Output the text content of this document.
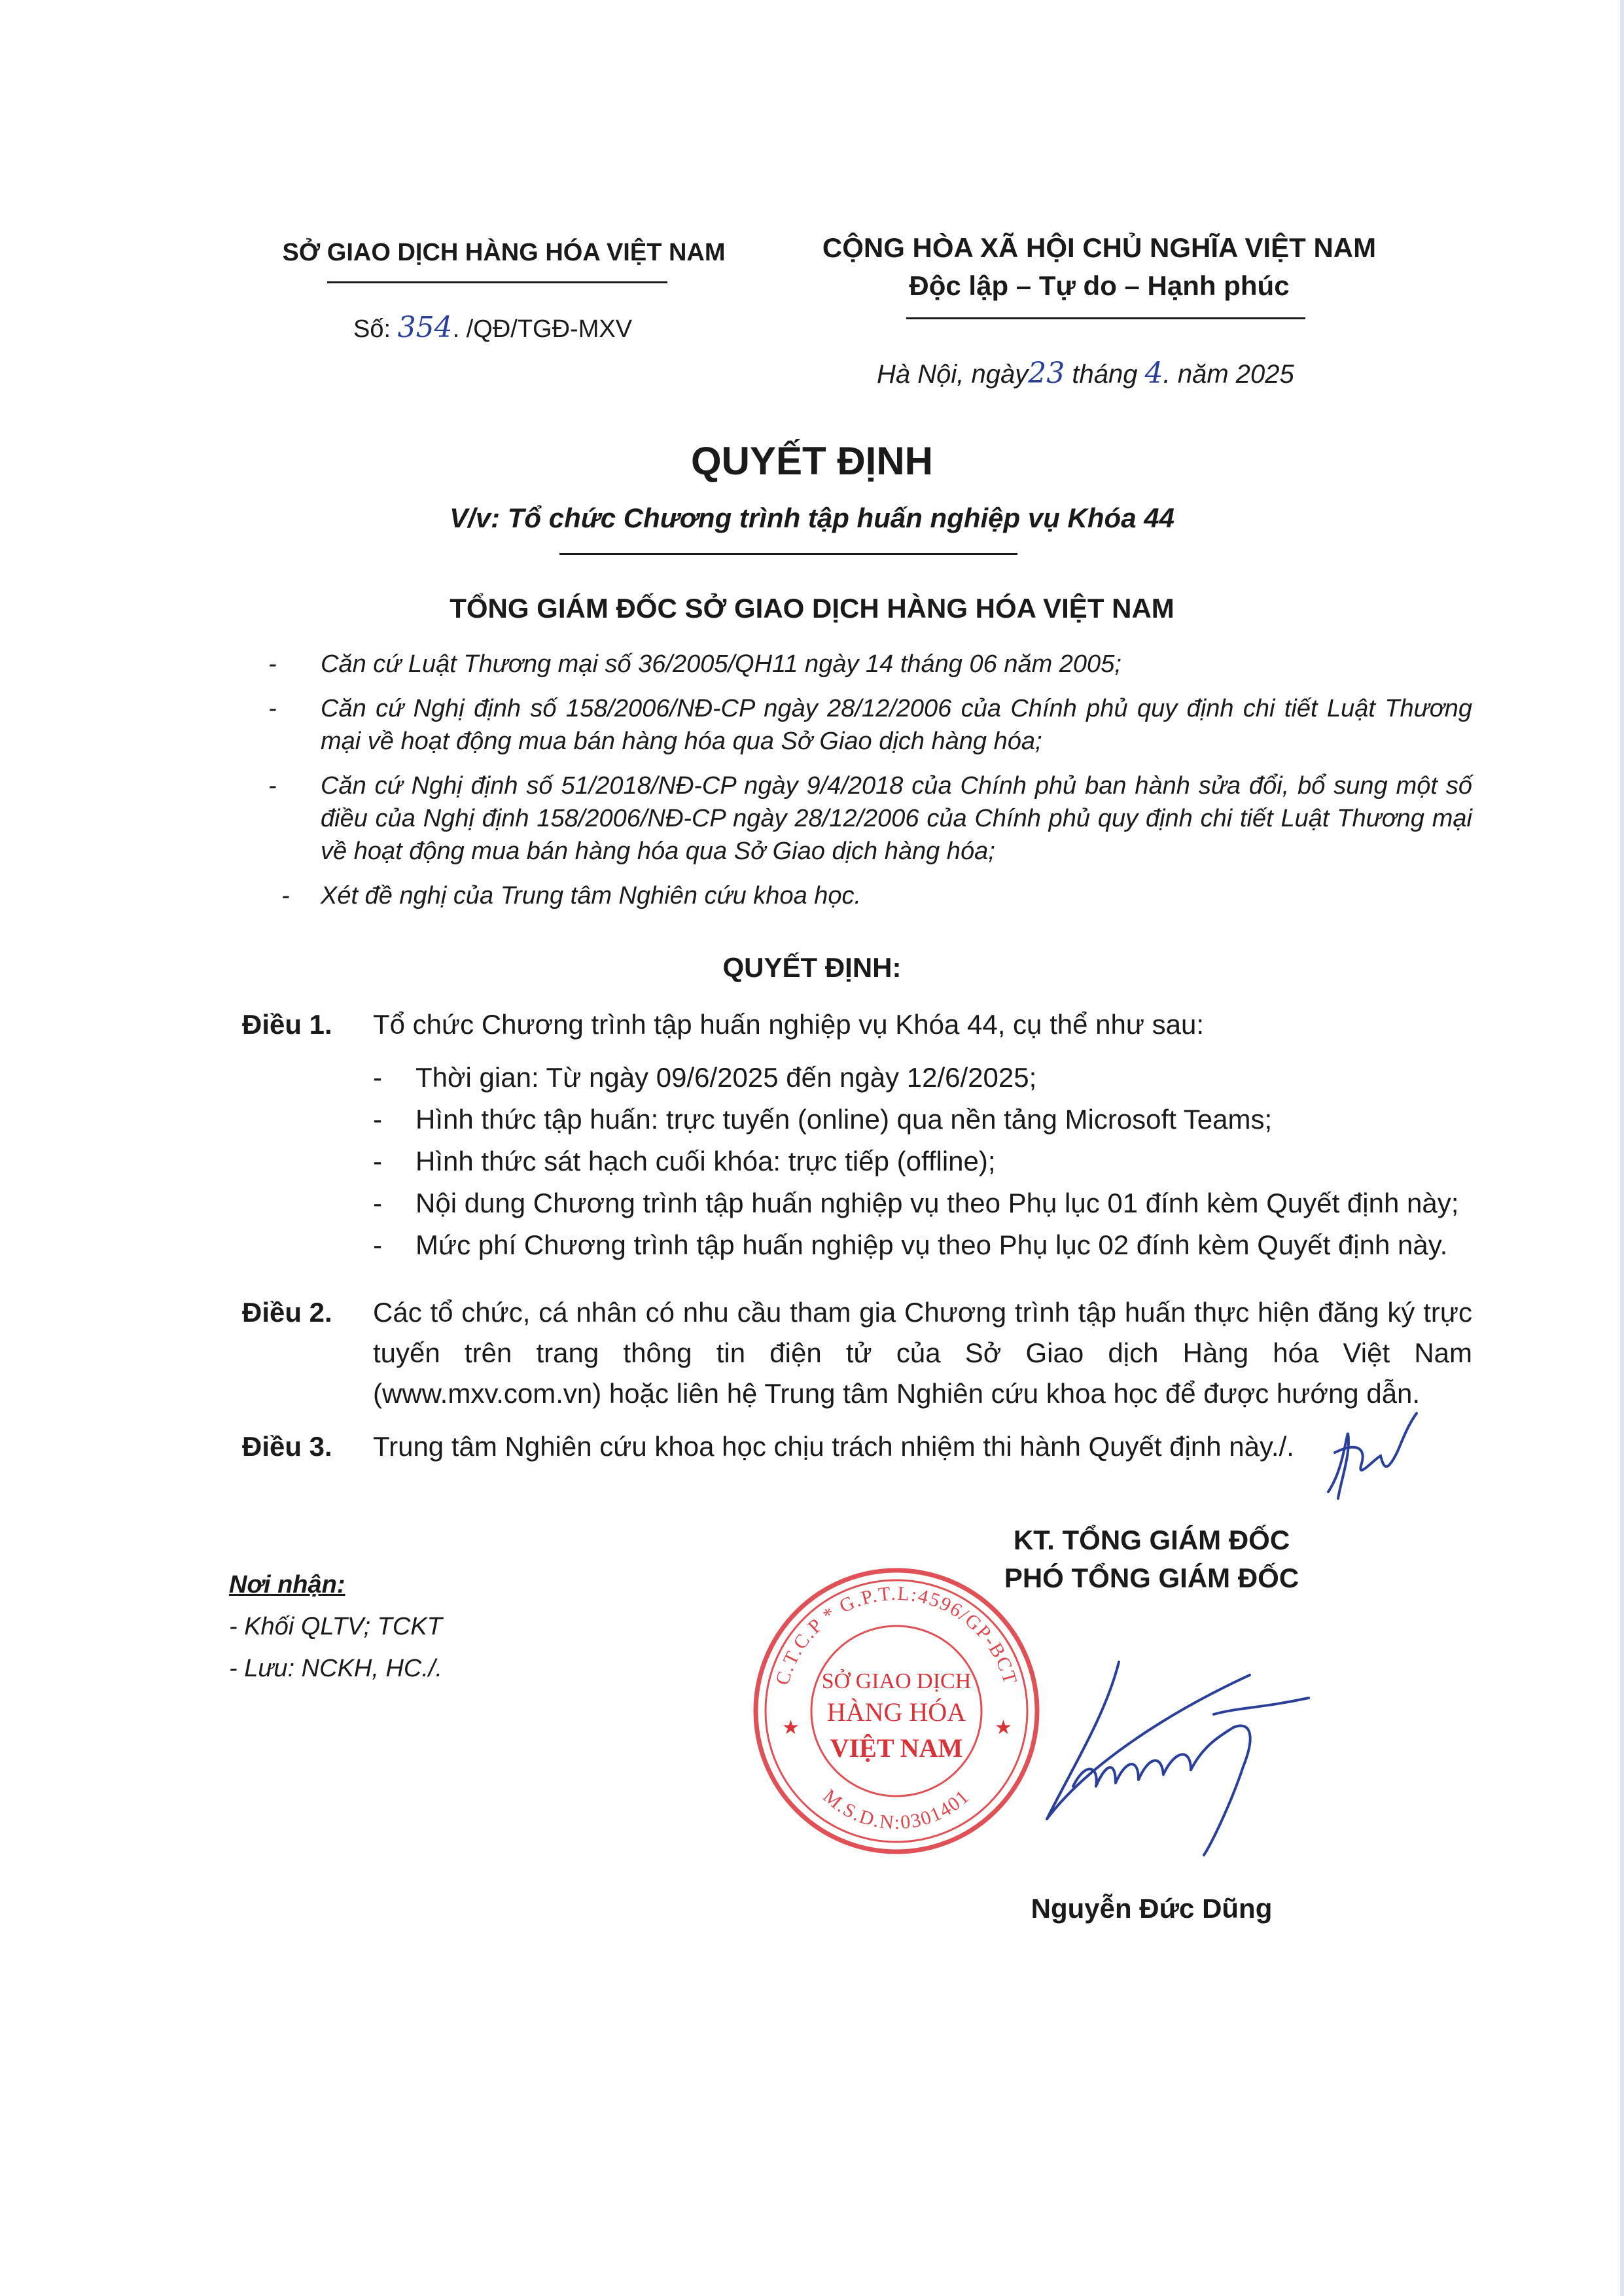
SỞ GIAO DỊCH HÀNG HÓA VIỆT NAM
Số: 354. /QĐ/TGĐ-MXV
CỘNG HÒA XÃ HỘI CHỦ NGHĨA VIỆT NAM
Độc lập – Tự do – Hạnh phúc
Hà Nội, ngày23 tháng 4. năm 2025
QUYẾT ĐỊNH
V/v: Tổ chức Chương trình tập huấn nghiệp vụ Khóa 44
TỔNG GIÁM ĐỐC SỞ GIAO DỊCH HÀNG HÓA VIỆT NAM
-	Căn cứ Luật Thương mại số 36/2005/QH11 ngày 14 tháng 06 năm 2005;
-	Căn cứ Nghị định số 158/2006/NĐ-CP ngày 28/12/2006 của Chính phủ quy định chi tiết Luật Thương mại về hoạt động mua bán hàng hóa qua Sở Giao dịch hàng hóa;
-	Căn cứ Nghị định số 51/2018/NĐ-CP ngày 9/4/2018 của Chính phủ ban hành sửa đổi, bổ sung một số điều của Nghị định 158/2006/NĐ-CP ngày 28/12/2006 của Chính phủ quy định chi tiết Luật Thương mại về hoạt động mua bán hàng hóa qua Sở Giao dịch hàng hóa;
-	Xét đề nghị của Trung tâm Nghiên cứu khoa học.
QUYẾT ĐỊNH:
Điều 1.	Tổ chức Chương trình tập huấn nghiệp vụ Khóa 44, cụ thể như sau:
-	Thời gian: Từ ngày 09/6/2025 đến ngày 12/6/2025;
-	Hình thức tập huấn: trực tuyến (online) qua nền tảng Microsoft Teams;
-	Hình thức sát hạch cuối khóa: trực tiếp (offline);
-	Nội dung Chương trình tập huấn nghiệp vụ theo Phụ lục 01 đính kèm Quyết định này;
-	Mức phí Chương trình tập huấn nghiệp vụ theo Phụ lục 02 đính kèm Quyết định này.
Điều 2.	Các tổ chức, cá nhân có nhu cầu tham gia Chương trình tập huấn thực hiện đăng ký trực tuyến trên trang thông tin điện tử của Sở Giao dịch Hàng hóa Việt Nam (www.mxv.com.vn) hoặc liên hệ Trung tâm Nghiên cứu khoa học để được hướng dẫn.
Điều 3.	Trung tâm Nghiên cứu khoa học chịu trách nhiệm thi hành Quyết định này./.
Nơi nhận:
- Khối QLTV; TCKT
- Lưu: NCKH, HC./.
KT. TỔNG GIÁM ĐỐC
PHÓ TỔNG GIÁM ĐỐC
C.T.C.P * G.P.T.L:4596/GP-BCT
M.S.D.N:0301401
SỞ GIAO DỊCH
HÀNG HÓA
VIỆT NAM
★	★
Nguyễn Đức Dũng
